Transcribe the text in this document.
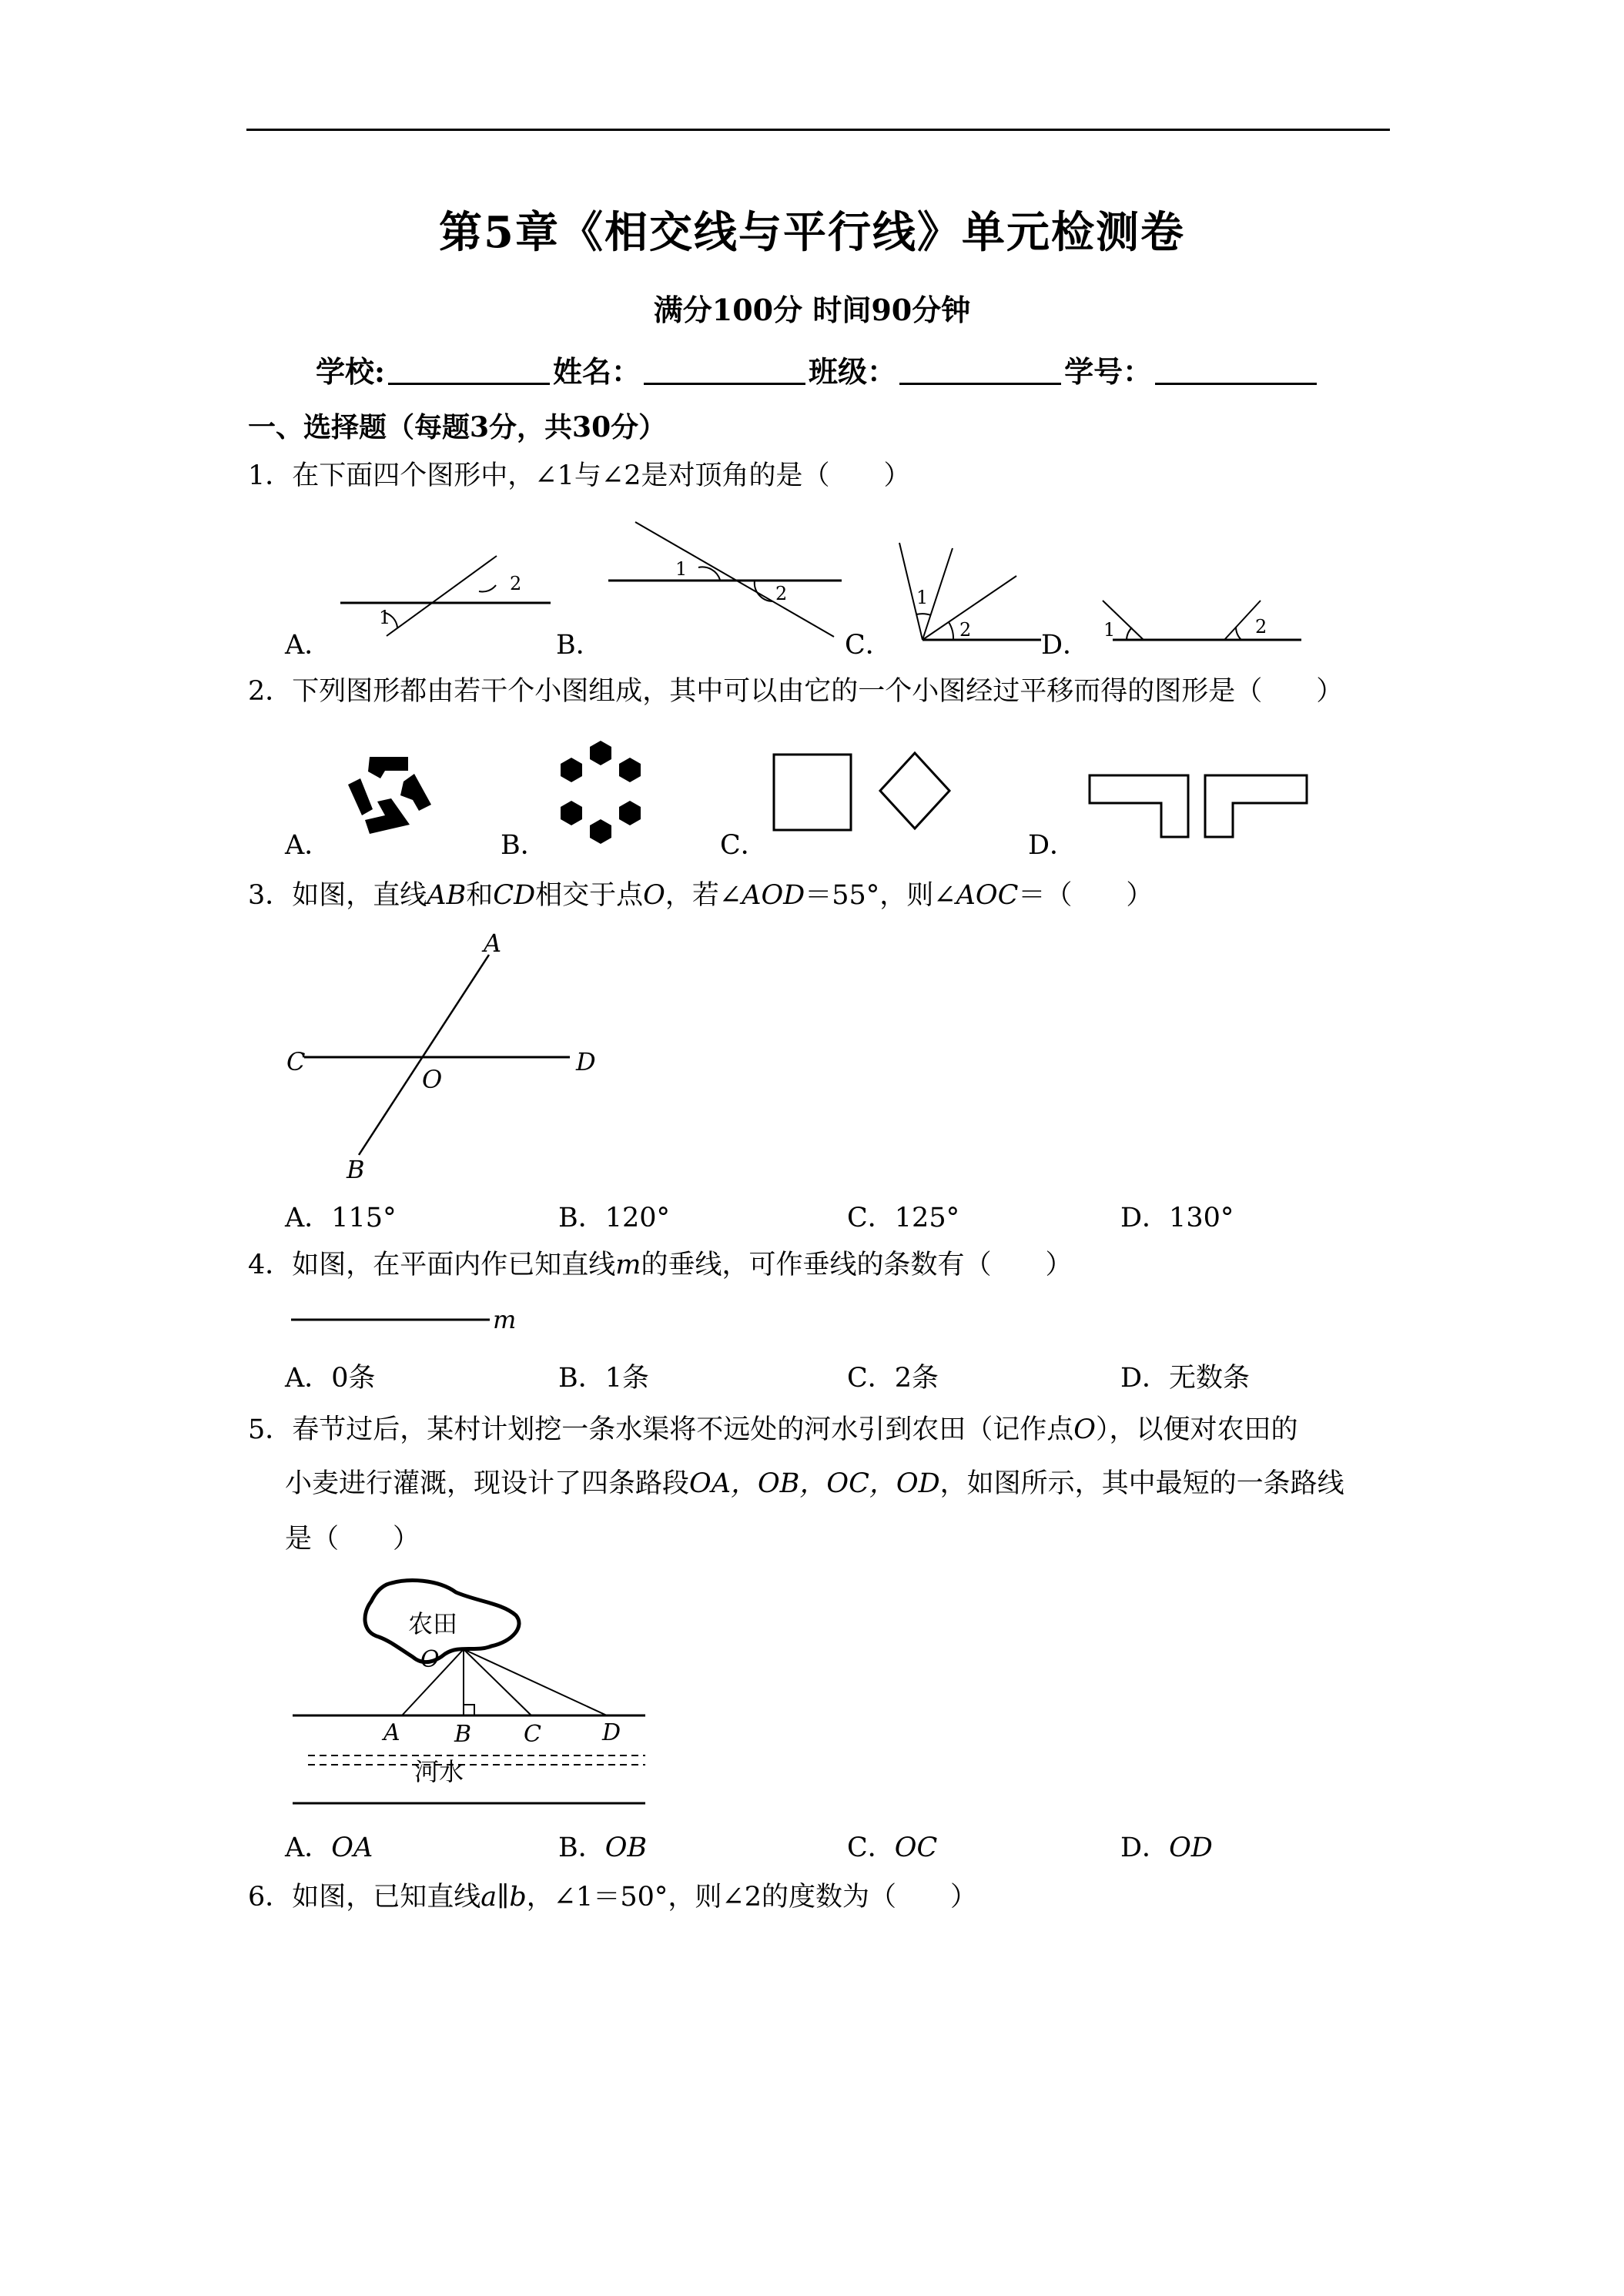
第5章《相交线与平行线》单元检测卷
满分100分 时间90分钟
学校:	姓名：	班级：	学号：
一、选择题（每题3分，共30分）
1．在下面四个图形中，∠1与∠2是对顶角的是（　　）
A．	B．	C．	D．
1
2
1
2	1
2	1	2
2．下列图形都由若干个小图组成，其中可以由它的一个小图经过平移而得的图形是（　　）
A．	B．	C．	D．
3．如图，直线AB和CD相交于点O，若∠AOD＝55°，则∠AOC＝（　　）
A
C	D
O
B
A．115°	B．120°	C．125°	D．130°
4．如图，在平面内作已知直线m的垂线，可作垂线的条数有（　　）
m
A．0条	B．1条	C．2条	D．无数条
5．春节过后，某村计划挖一条水渠将不远处的河水引到农田（记作点O），以便对农田的
小麦进行灌溉，现设计了四条路段OA，OB，OC，OD，如图所示，其中最短的一条路线
是（　　）
农田
O
A B C	D
河水
A．OA	B．OB	C．OC	D．OD
6．如图，已知直线a∥b，∠1＝50°，则∠2的度数为（　　）
